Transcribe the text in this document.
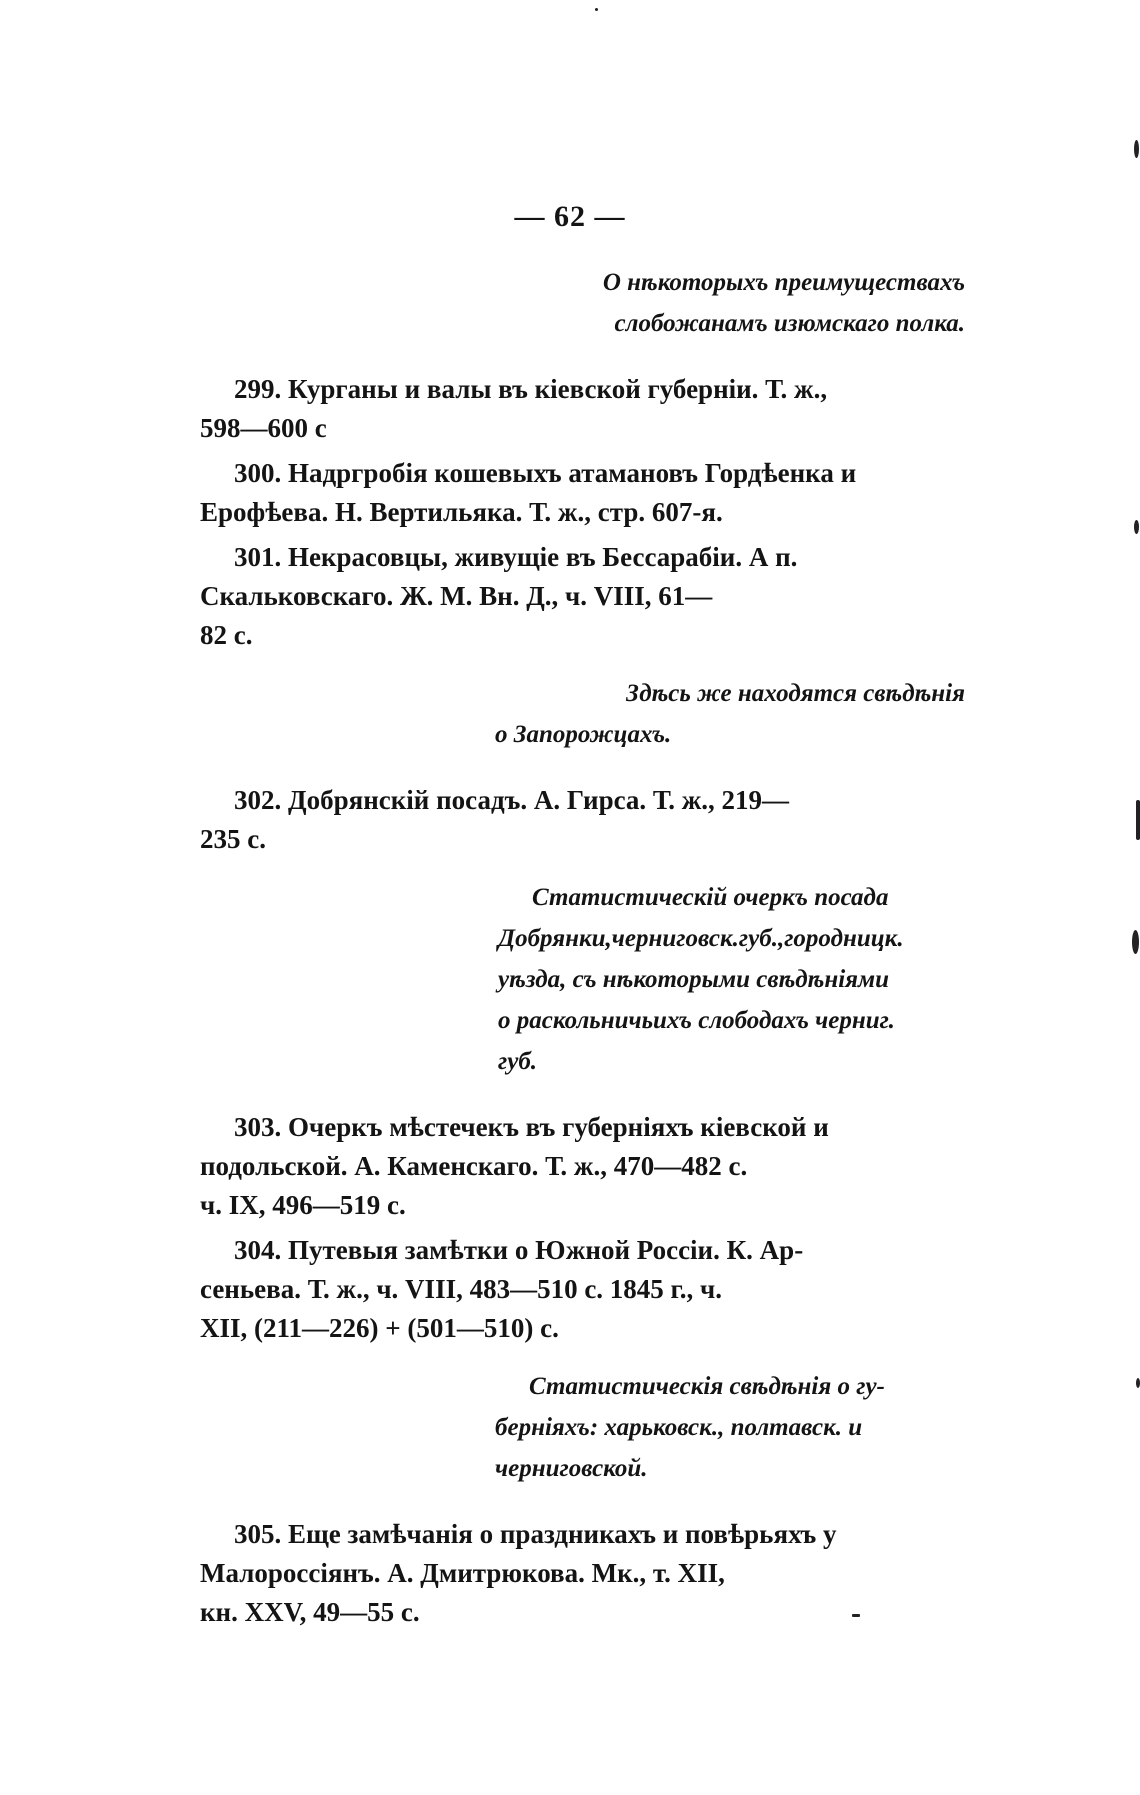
— 62 —
О нѣкоторыхъ преимуществахъ
слобожанамъ изюмскаго полка.
299. Курганы и валы въ кіевской губерніи. Т. ж.,
598—600 с
300. Надргробія кошевыхъ атамановъ Гордѣенка и
Ерофѣева. Н. Вертильяка. Т. ж., стр. 607-я.
301. Некрасовцы, живущіе въ Бессарабіи. А п.
Скальковскаго. Ж. М. Вн. Д., ч. VIII, 61—
82 с.
Здѣсь же находятся свѣдѣнія
о Запорожцахъ.
302. Добрянскій посадъ. А. Гирса. Т. ж., 219—
235 с.
Статистическій очеркъ посада
Добрянки,черниговск.губ.,городницк.
уѣзда, съ нѣкоторыми свѣдѣніями
о раскольничьихъ слободахъ черниг.
губ.
303. Очеркъ мѣстечекъ въ губерніяхъ кіевской и
подольской. А. Каменскаго. Т. ж., 470—482 с.
ч. IX, 496—519 с.
304. Путевыя замѣтки о Южной Россіи. К. Ар-
сеньева. Т. ж., ч. VIII, 483—510 с. 1845 г., ч.
XII, (211—226) + (501—510) с.
Статистическія свѣдѣнія о гу-
берніяхъ: харьковск., полтавск. и
черниговской.
305. Еще замѣчанія о праздникахъ и повѣрьяхъ у
Малороссіянъ. А. Дмитрюкова. Мк., т. XII,
кн. XXV, 49—55 с.
